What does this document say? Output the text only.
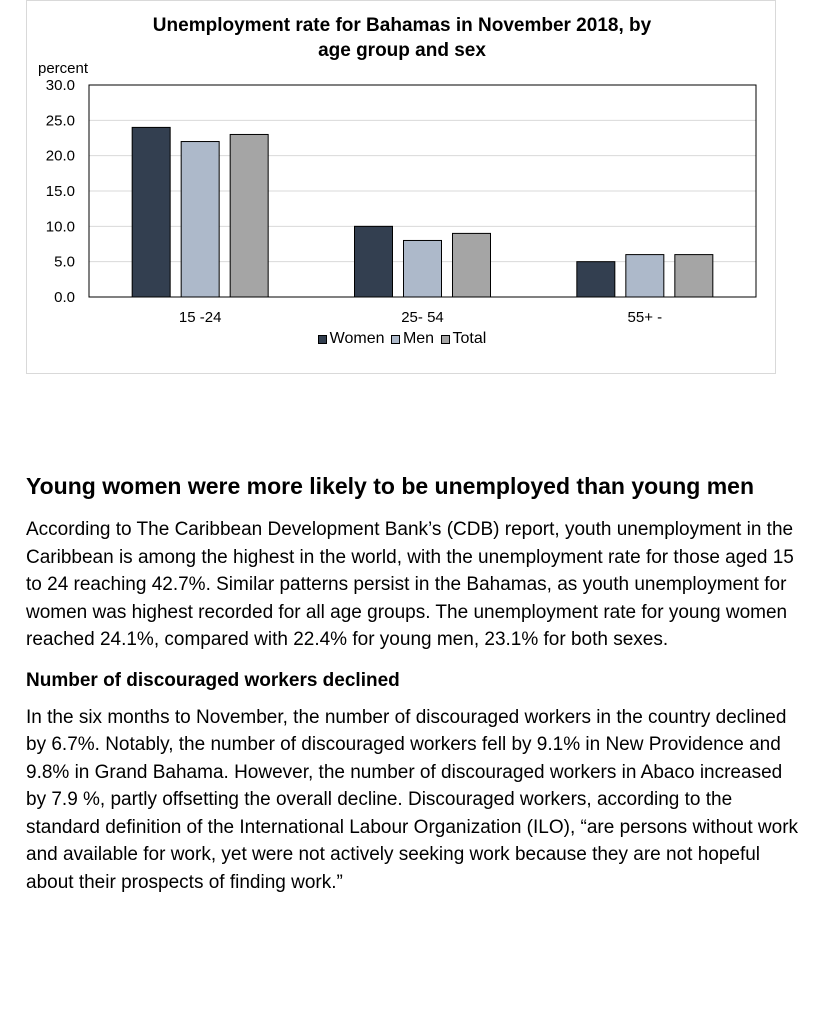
Unemployment rate for Bahamas in November 2018, by
age group and sex
percent
0.0
5.0
10.0
15.0
20.0
25.0
30.0
15 -24	25- 54	55+ -
Women
Men
Total
Young women were more likely to be unemployed than young men

According to The Caribbean Development Bank’s (CDB) report, youth unemployment in the Caribbean is among the highest in the world, with the unemployment rate for those aged 15 to 24 reaching 42.7%. Similar patterns persist in the Bahamas, as youth unemployment for women was highest recorded for all age groups. The unemployment rate for young women reached 24.1%, compared with 22.4% for young men, 23.1% for both sexes.

Number of discouraged workers declined

In the six months to November, the number of discouraged workers in the country declined by 6.7%. Notably, the number of discouraged workers fell by 9.1% in New Providence and 9.8% in Grand Bahama. However, the number of discouraged workers in Abaco increased by 7.9 %, partly offsetting the overall decline. Discouraged workers, according to the standard definition of the International Labour Organization (ILO), “are persons without work and available for work, yet were not actively seeking work because they are not hopeful about their prospects of finding work.”
